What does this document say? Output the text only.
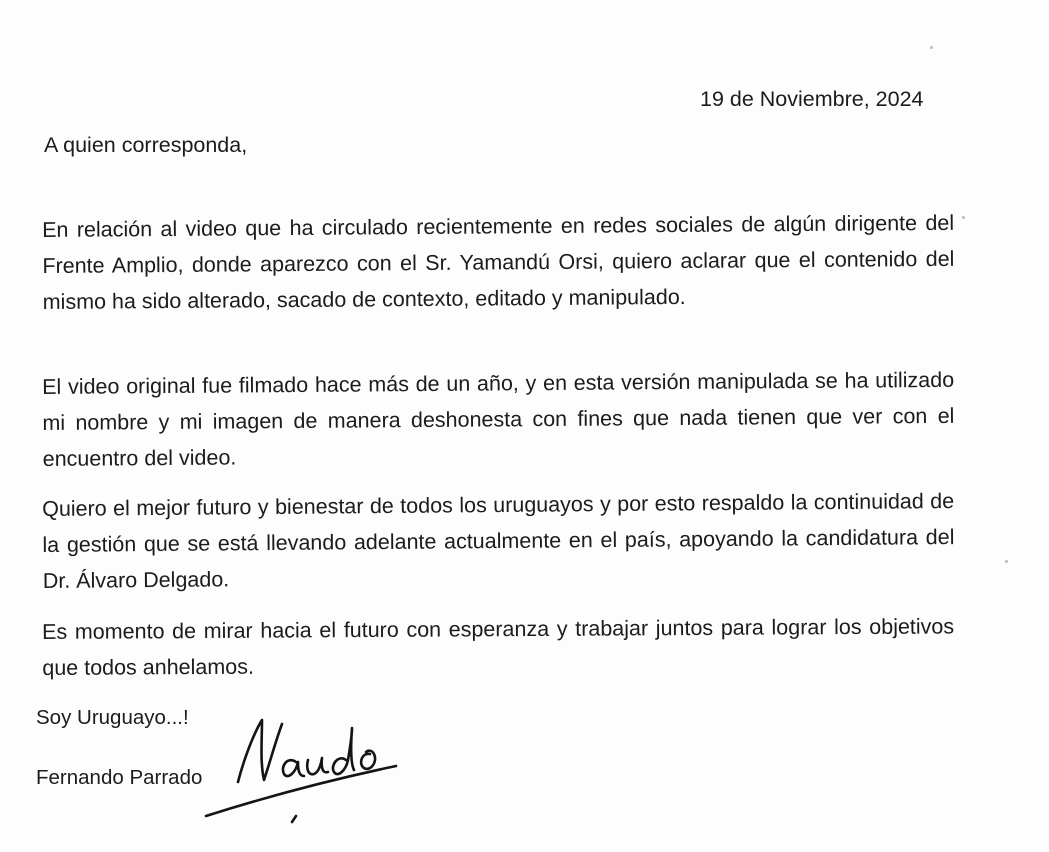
19 de Noviembre, 2024
A quien corresponda,
En relación al video que ha circulado recientemente en redes sociales de algún dirigente del Frente Amplio, donde aparezco con el Sr. Yamandú Orsi, quiero aclarar que el contenido del mismo ha sido alterado, sacado de contexto, editado y manipulado.
El video original fue filmado hace más de un año, y en esta versión manipulada se ha utilizado mi nombre y mi imagen de manera deshonesta con fines que nada tienen que ver con el encuentro del video.
Quiero el mejor futuro y bienestar de todos los uruguayos y por esto respaldo la continuidad de la gestión que se está llevando adelante actualmente en el país, apoyando la candidatura del Dr. Álvaro Delgado.
Es momento de mirar hacia el futuro con esperanza y trabajar juntos para lograr los objetivos que todos anhelamos.
Soy Uruguayo...!
Fernando Parrado
